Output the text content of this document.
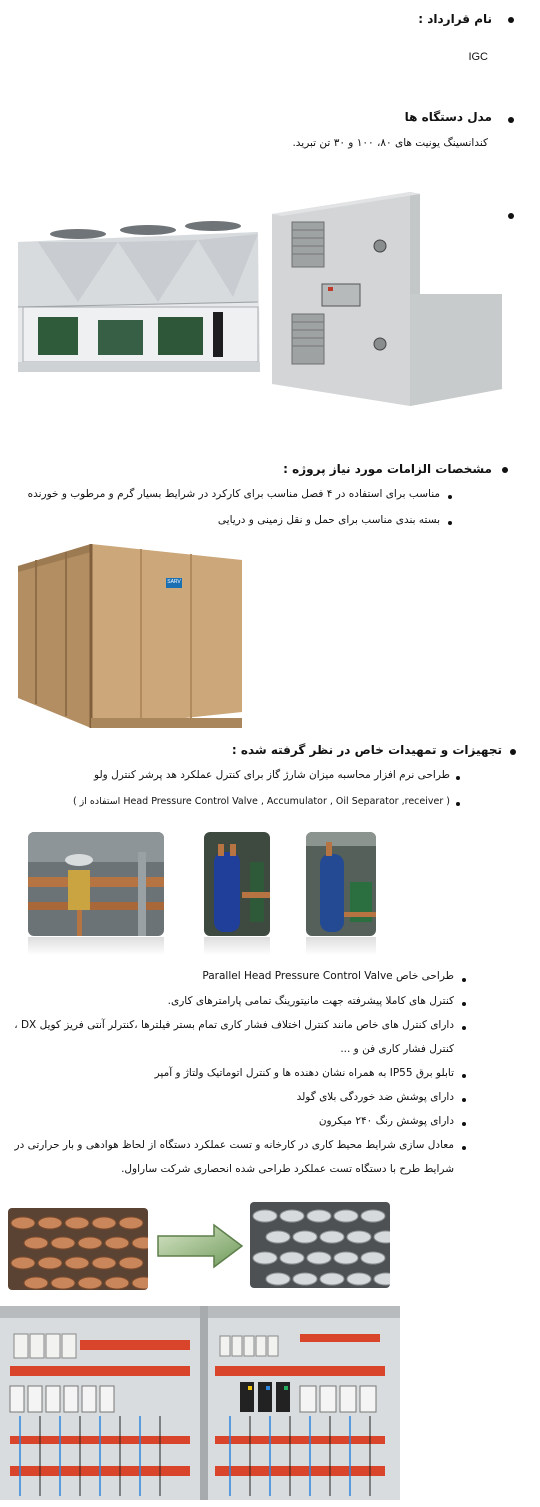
نام قرارداد :
IGC
مدل دستگاه ها
کندانسینگ یونیت های ۸۰، ۱۰۰ و ۳۰ تن تبرید.
مشخصات الزامات مورد نیاز پروژه :
مناسب برای استفاده در ۴ فصل مناسب برای کارکرد در شرایط بسیار گرم و مرطوب و خورنده
بسته بندی مناسب برای حمل و نقل زمینی و دریایی
SARV
تجهیزات و تمهیدات خاص در نظر گرفته شده :
طراحی نرم افزار محاسبه میزان شارژ گاز برای کنترل عملکرد هد پرشر کنترل ولو
( Head Pressure Control Valve , Accumulator , Oil Separator ,receiver استفاده از )
طراحی خاص Parallel Head Pressure Control Valve
کنترل های کاملا پیشرفته جهت مانیتورینگ تمامی پارامترهای کاری.
دارای کنترل های خاص مانند کنترل اختلاف فشار کاری تمام بستر فیلترها ،کنترلر آنتی فریز کویل DX ،
کنترل فشار کاری فن و ...
تابلو برق IP55 به همراه نشان دهنده ها و کنترل اتوماتیک ولتاژ و آمپر
دارای پوشش ضد خوردگی بلای گولد
دارای پوشش رنگ ۲۴۰ میکرون
معادل سازی شرایط محیط کاری در کارخانه و تست عملکرد دستگاه از لحاظ هوادهی و بار حرارتی در
شرایط طرح با دستگاه تست عملکرد طراحی شده انحصاری شرکت ساراول.
